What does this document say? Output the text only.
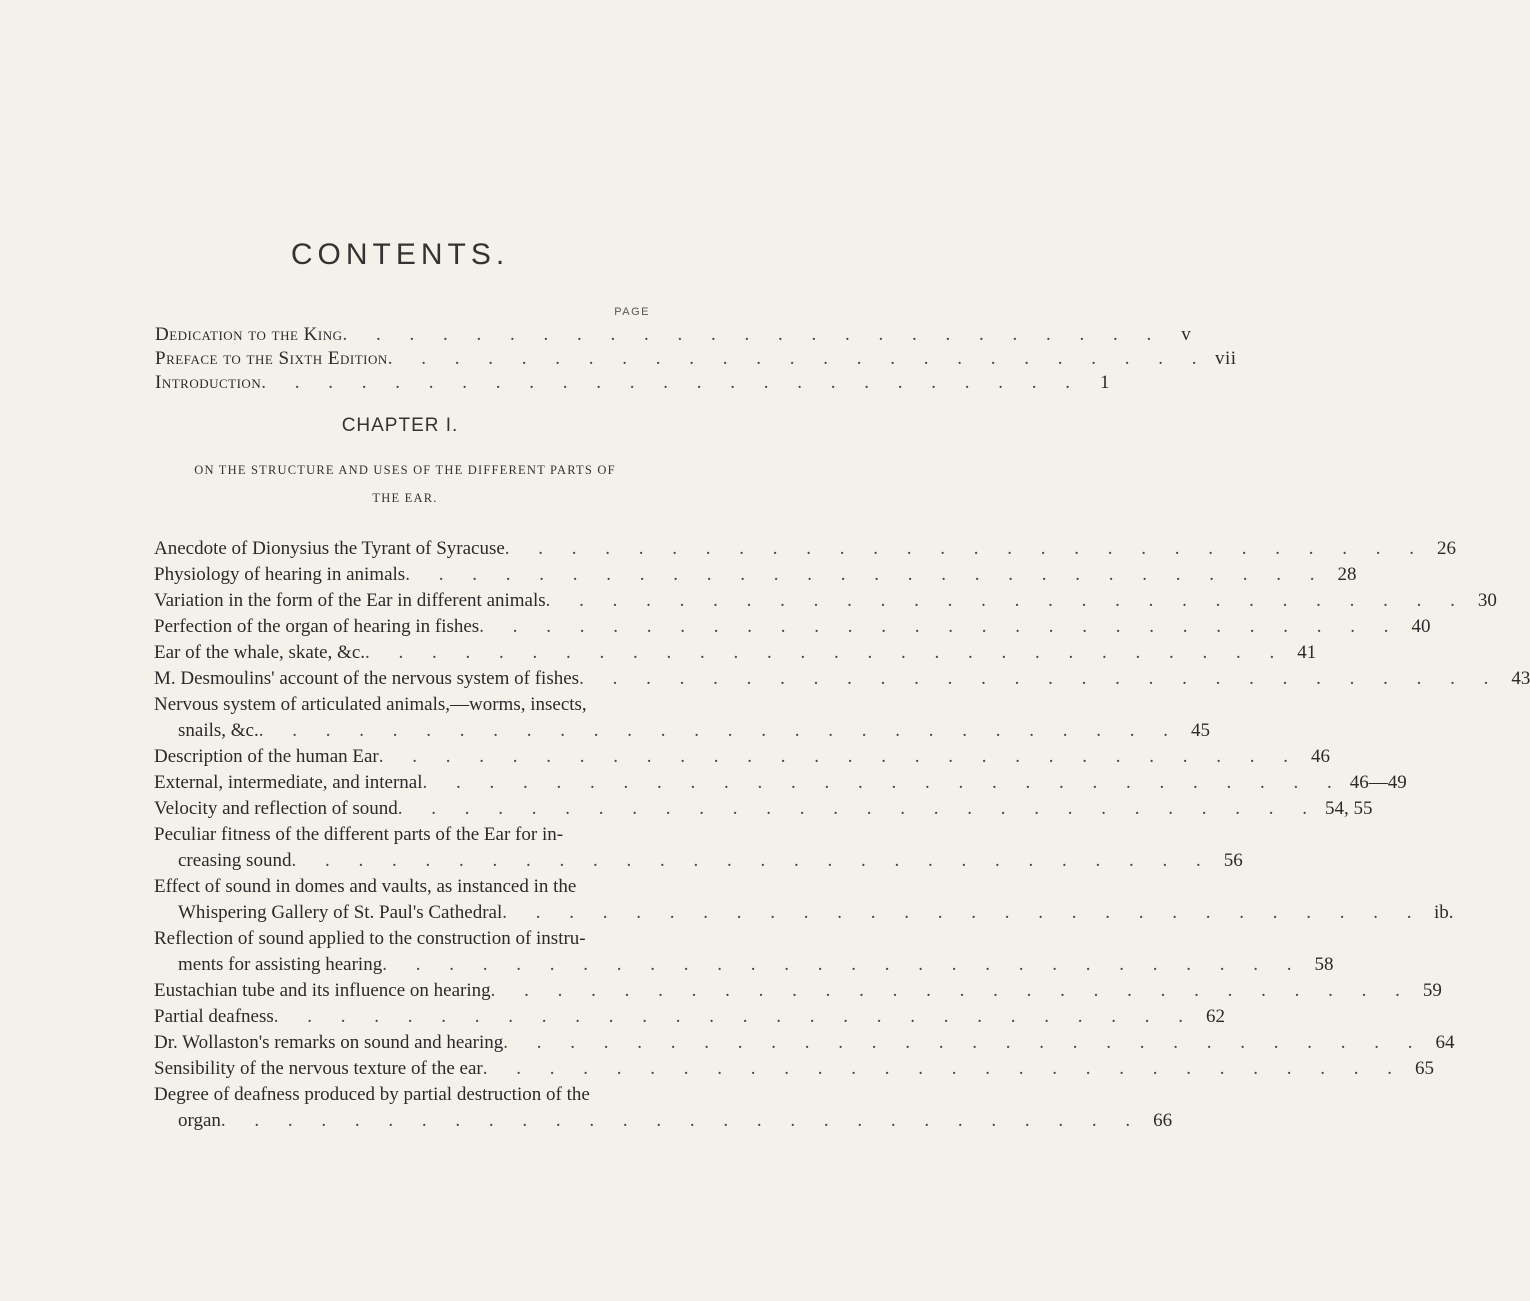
CONTENTS.
PAGE
Dedication to the King . . . . . . . . . . . . . . . . . . . . . . . . . v
Preface to the Sixth Edition . . . . . . . . . . . . . . . . . . . . . . . . . vii
Introduction . . . . . . . . . . . . . . . . . . . . . . . . . 1
CHAPTER I.
ON THE STRUCTURE AND USES OF THE DIFFERENT PARTS OF
THE EAR.
Anecdote of Dionysius the Tyrant of Syracuse . . . . . . . . . . . . . . . . . . . . . . . . . . . . 26
Physiology of hearing in animals . . . . . . . . . . . . . . . . . . . . . . . . . . . . 28
Variation in the form of the Ear in different animals . . . . . . . . . . . . . . . . . . . . . . . . . . . . 30
Perfection of the organ of hearing in fishes . . . . . . . . . . . . . . . . . . . . . . . . . . . . 40
Ear of the whale, skate, &c. . . . . . . . . . . . . . . . . . . . . . . . . . . . . 41
M. Desmoulins' account of the nervous system of fishes . . . . . . . . . . . . . . . . . . . . . . . . . . . . 43
Nervous system of articulated animals,—worms, insects,
snails, &c. . . . . . . . . . . . . . . . . . . . . . . . . . . . . 45
Description of the human Ear . . . . . . . . . . . . . . . . . . . . . . . . . . . . 46
External, intermediate, and internal . . . . . . . . . . . . . . . . . . . . . . . . . . . . 46—49
Velocity and reflection of sound . . . . . . . . . . . . . . . . . . . . . . . . . . . . 54, 55
Peculiar fitness of the different parts of the Ear for in-
creasing sound . . . . . . . . . . . . . . . . . . . . . . . . . . . . 56
Effect of sound in domes and vaults, as instanced in the
Whispering Gallery of St. Paul's Cathedral . . . . . . . . . . . . . . . . . . . . . . . . . . . . ib.
Reflection of sound applied to the construction of instru-
ments for assisting hearing . . . . . . . . . . . . . . . . . . . . . . . . . . . . 58
Eustachian tube and its influence on hearing . . . . . . . . . . . . . . . . . . . . . . . . . . . . 59
Partial deafness . . . . . . . . . . . . . . . . . . . . . . . . . . . . 62
Dr. Wollaston's remarks on sound and hearing . . . . . . . . . . . . . . . . . . . . . . . . . . . . 64
Sensibility of the nervous texture of the ear . . . . . . . . . . . . . . . . . . . . . . . . . . . . 65
Degree of deafness produced by partial destruction of the
organ . . . . . . . . . . . . . . . . . . . . . . . . . . . . 66
